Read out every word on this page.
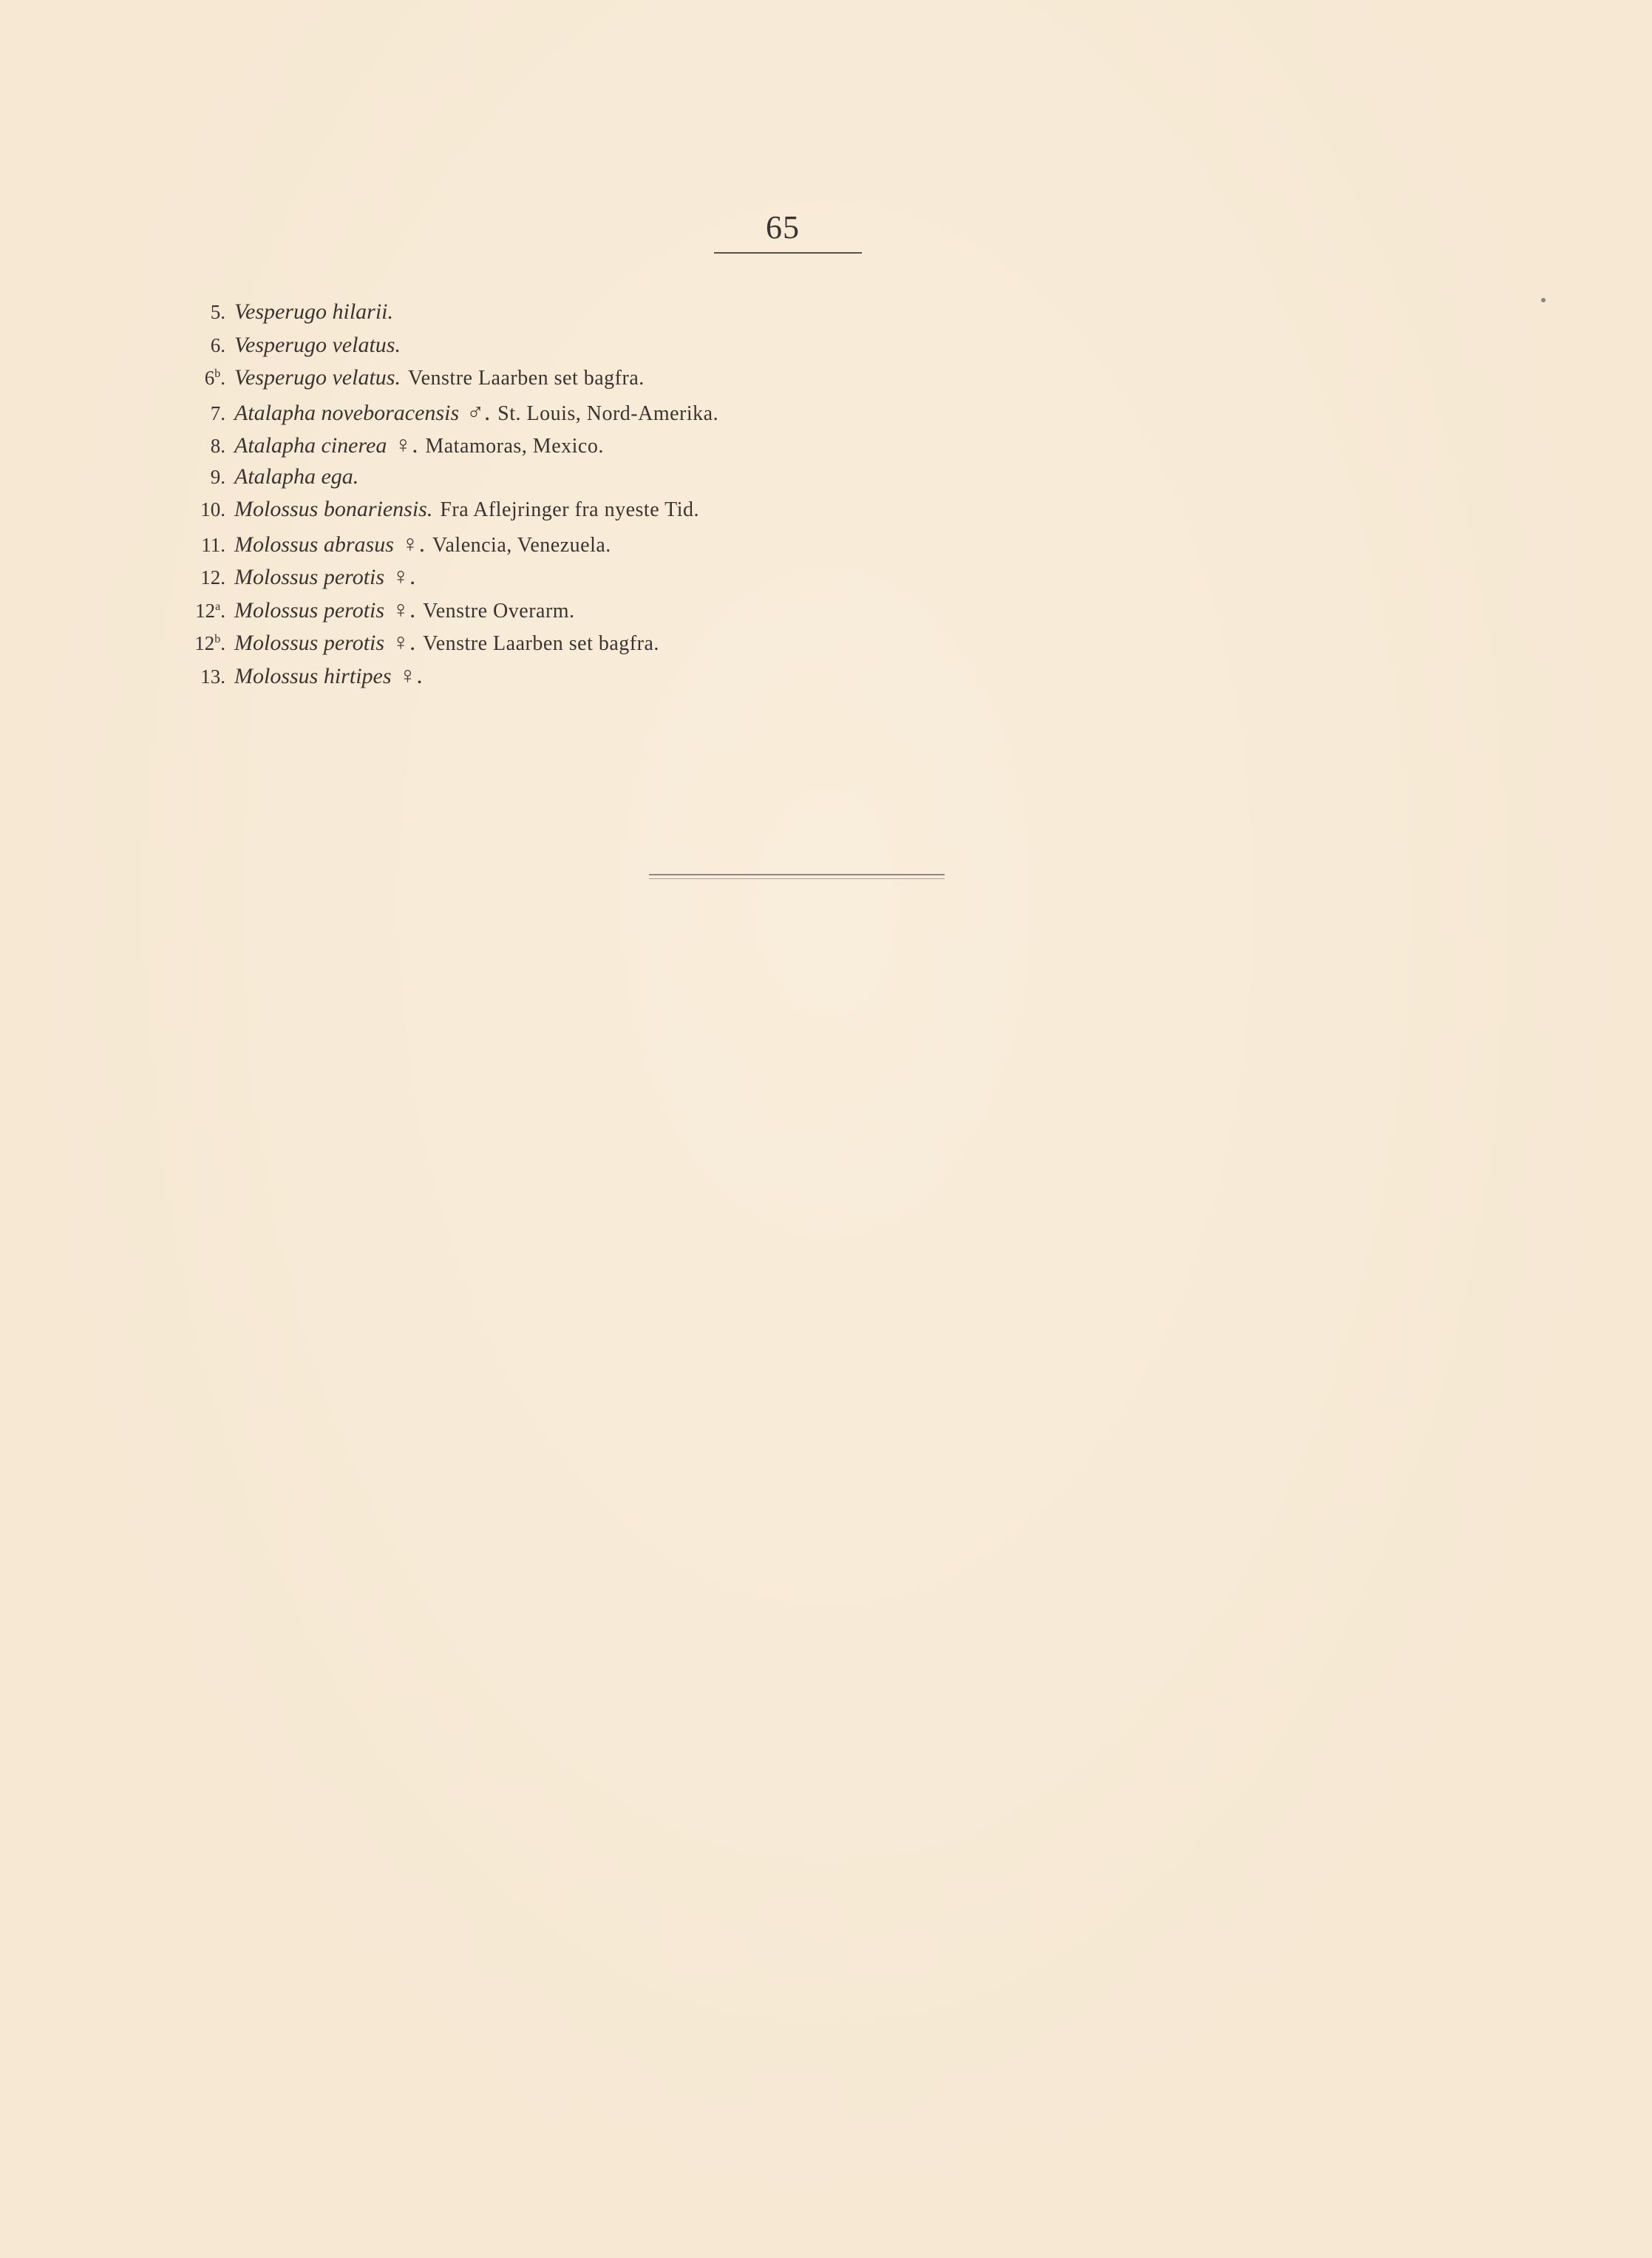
65
5. Vesperugo hilarii.
6. Vesperugo velatus.
6$^b$. Vesperugo velatus. Venstre Laarben set bagfra.
7. Atalapha noveboracensis ♂. St. Louis, Nord-Amerika.
8. Atalapha cinerea ♀. Matamoras, Mexico.
9. Atalapha ega.
10. Molossus bonariensis. Fra Aflejringer fra nyeste Tid.
11. Molossus abrasus ♀. Valencia, Venezuela.
12. Molossus perotis ♀.
12$^a$. Molossus perotis ♀. Venstre Overarm.
12$^b$. Molossus perotis ♀. Venstre Laarben set bagfra.
13. Molossus hirtipes ♀.
